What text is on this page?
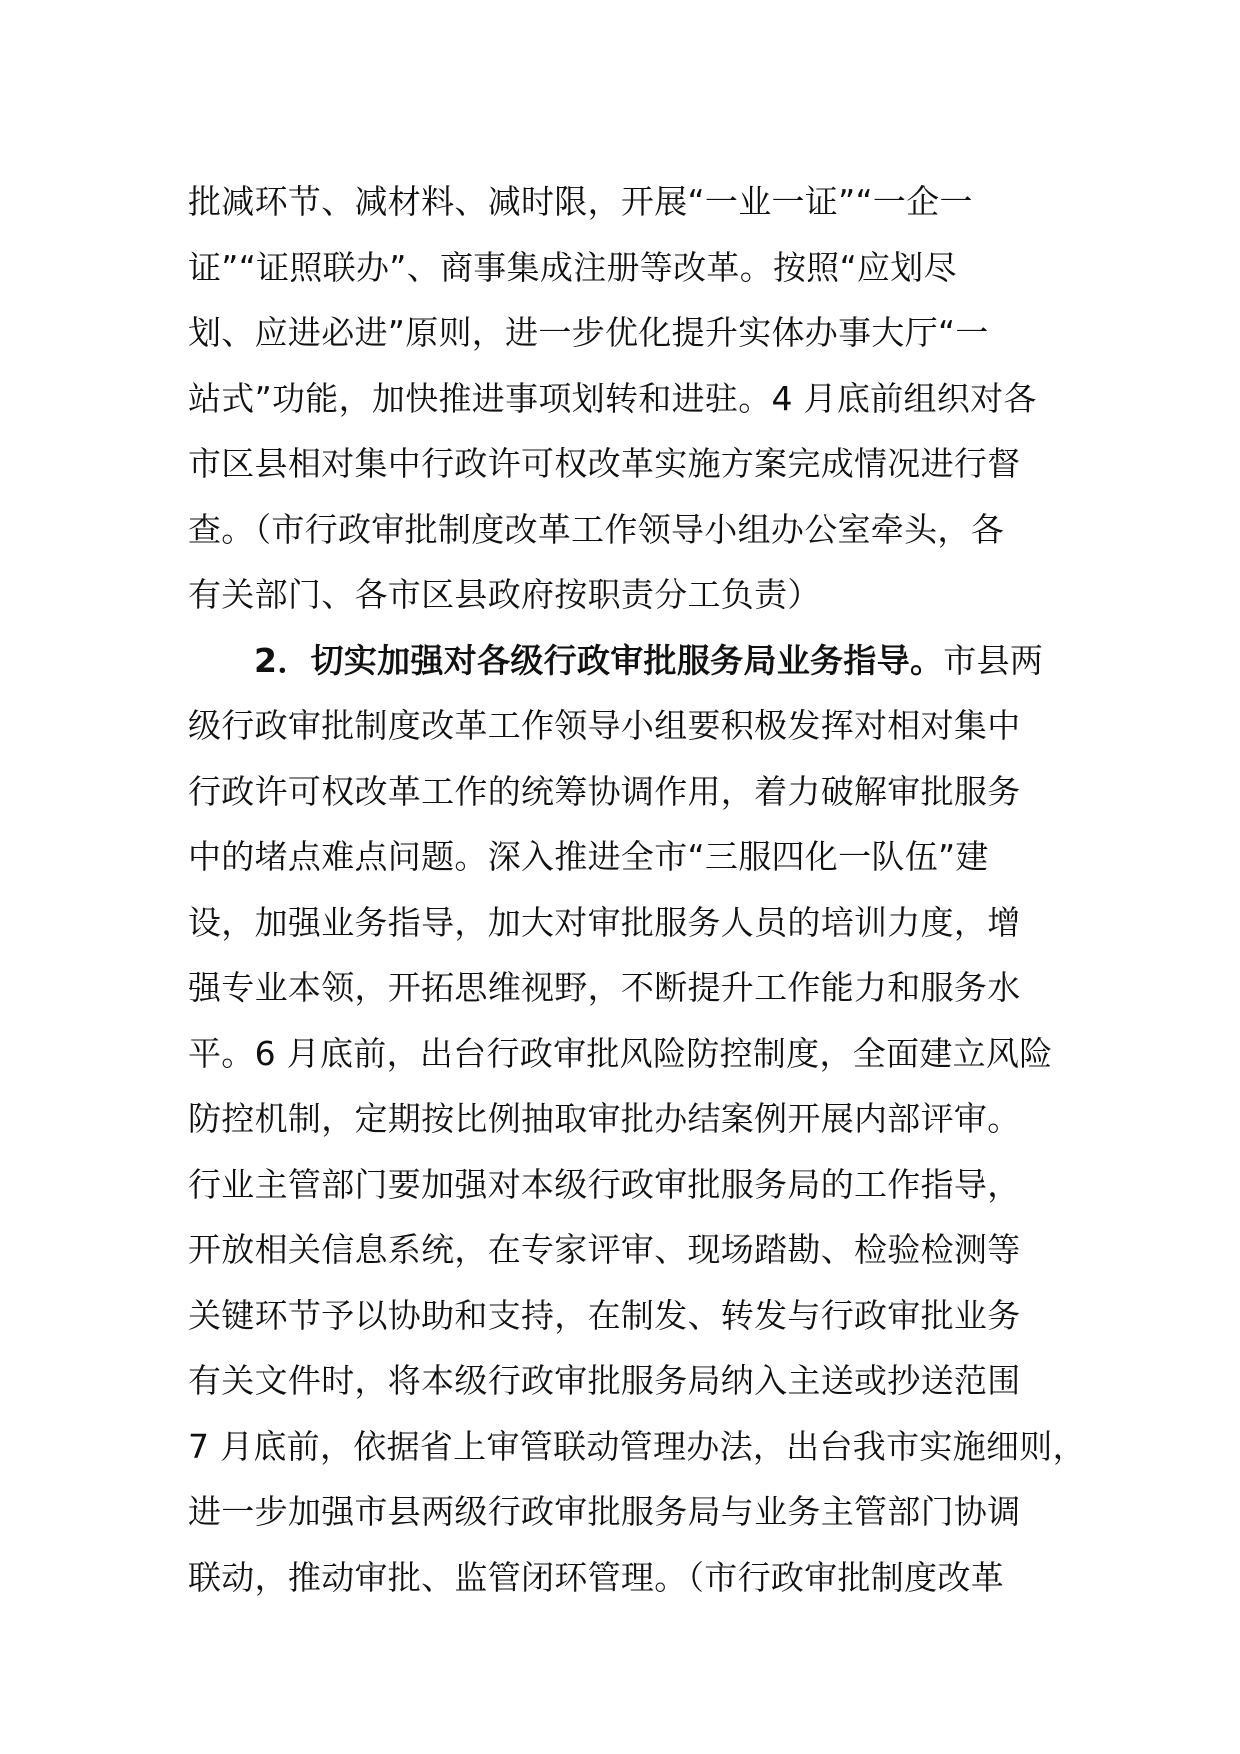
批减环节、减材料、减时限，开展“一业一证”“一企一
证”“证照联办”、商事集成注册等改革。按照“应划尽
划、应进必进”原则，进一步优化提升实体办事大厅“一
站式”功能，加快推进事项划转和进驻。4 月底前组织对各
市区县相对集中行政许可权改革实施方案完成情况进行督
查。（市行政审批制度改革工作领导小组办公室牵头，各
有关部门、各市区县政府按职责分工负责）
2．切实加强对各级行政审批服务局业务指导。市县两
级行政审批制度改革工作领导小组要积极发挥对相对集中
行政许可权改革工作的统筹协调作用，着力破解审批服务
中的堵点难点问题。深入推进全市“三服四化一队伍”建
设，加强业务指导，加大对审批服务人员的培训力度，增
强专业本领，开拓思维视野，不断提升工作能力和服务水
平。6 月底前，出台行政审批风险防控制度，全面建立风险
防控机制，定期按比例抽取审批办结案例开展内部评审。
行业主管部门要加强对本级行政审批服务局的工作指导，
开放相关信息系统，在专家评审、现场踏勘、检验检测等
关键环节予以协助和支持，在制发、转发与行政审批业务
有关文件时，将本级行政审批服务局纳入主送或抄送范围
7 月底前，依据省上审管联动管理办法，出台我市实施细则，
进一步加强市县两级行政审批服务局与业务主管部门协调
联动，推动审批、监管闭环管理。（市行政审批制度改革
